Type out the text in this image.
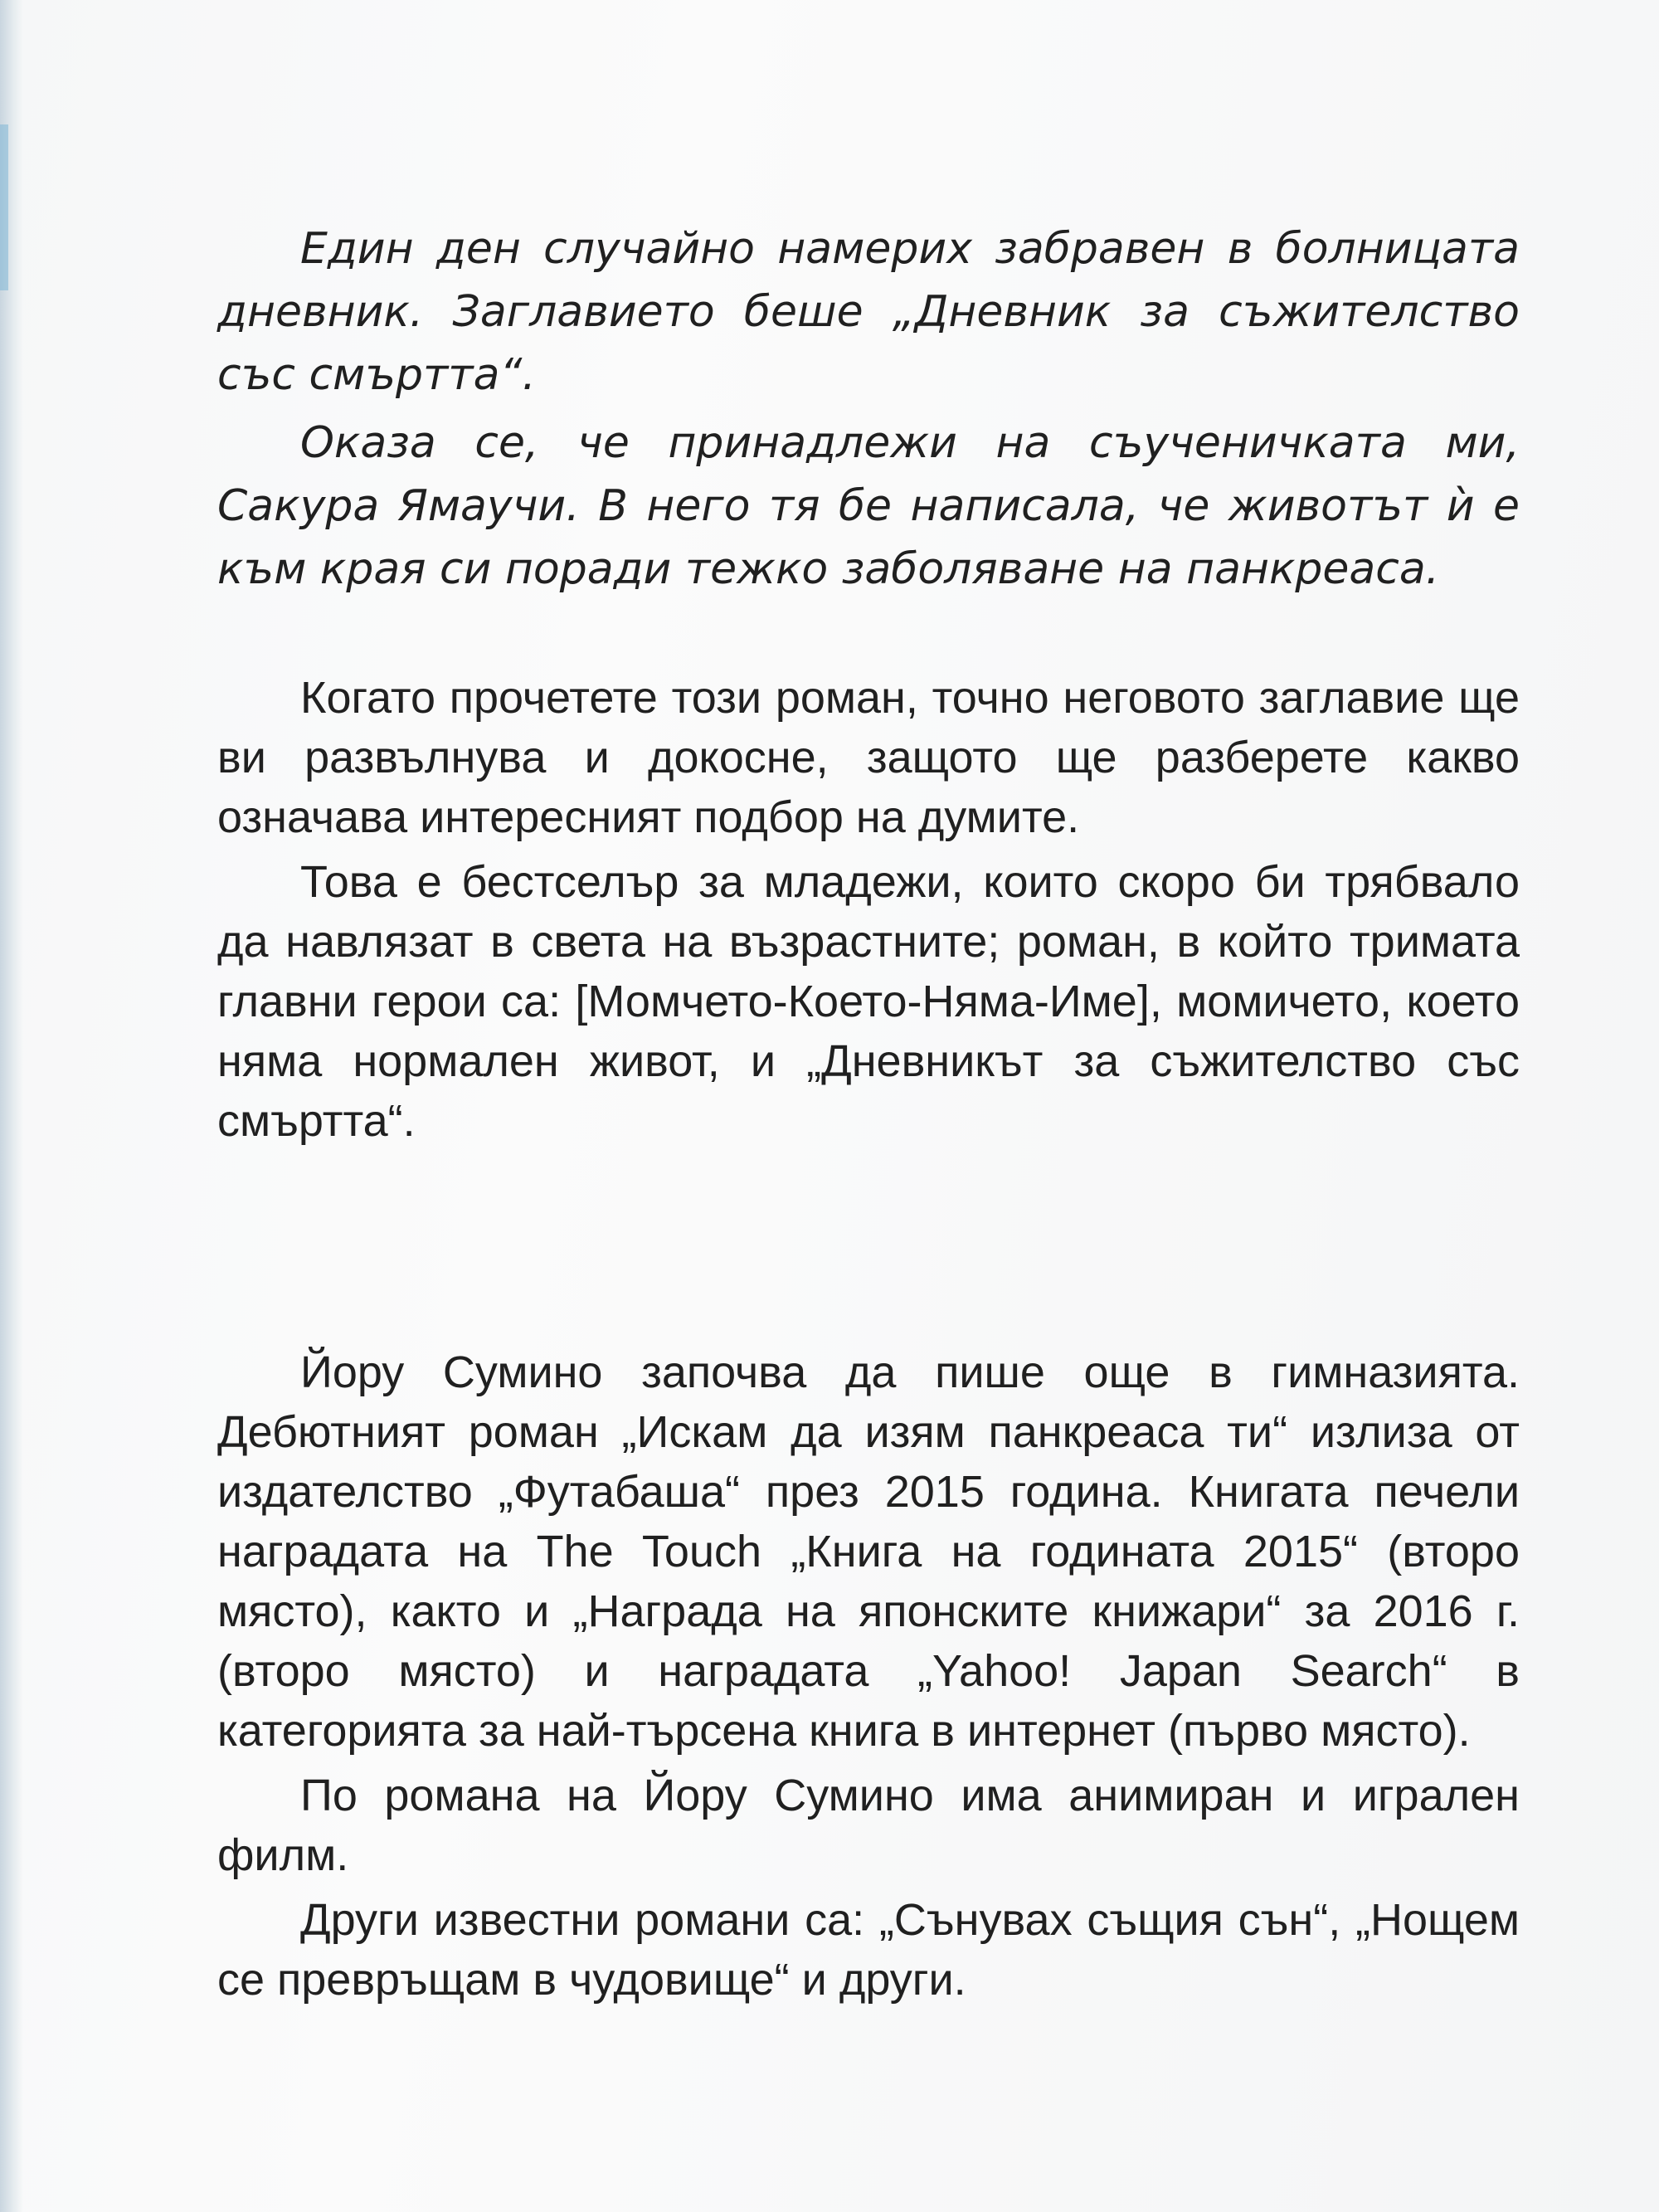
Един ден случайно намерих забравен в болницата дневник. Заглавието беше „Дневник за съжителство със смъртта“.

Оказа се, че принадлежи на съученичката ми, Сакура Ямаучи. В него тя бе написала, че животът ѝ е към края си поради тежко заболяване на панкреаса.

Когато прочетете този роман, точно неговото заглавие ще ви развълнува и докосне, защото ще разберете какво означава интересният подбор на думите.

Това е бестселър за младежи, които скоро би трябвало да навлязат в света на възрастните; роман, в който тримата главни герои са: [Момчето-Което-Няма-Име], момичето, което няма нормален живот, и „Дневникът за съжителство със смъртта“.

Йору Сумино започва да пише още в гимназията. Дебютният роман „Искам да изям панкреаса ти“ излиза от издателство „Футабаша“ през 2015 година. Книгата печели наградата на The Touch „Книга на годината 2015“ (второ място), както и „Награда на японските книжари“ за 2016 г. (второ място) и наградата „Yahoo! Japan Search“ в категорията за най-търсена книга в интернет (първо място).

По романа на Йору Сумино има анимиран и игрален филм.

Други известни романи са: „Сънувах същия сън“, „Нощем се превръщам в чудовище“ и други.
